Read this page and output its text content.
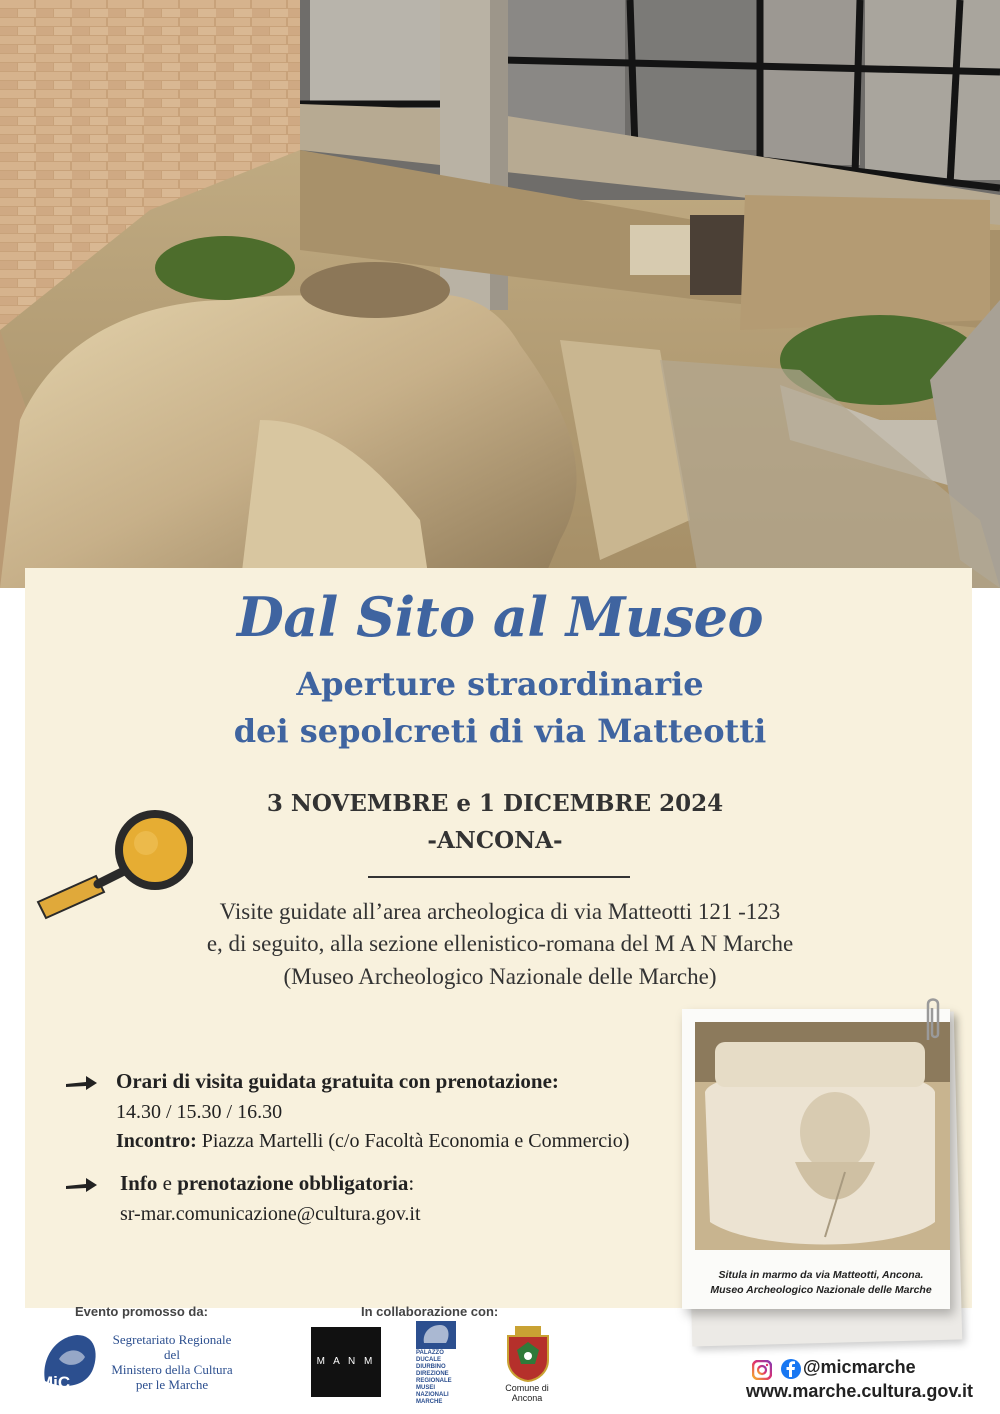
Dal Sito al Museo
Aperture straordinarie
dei sepolcreti di via Matteotti
3 NOVEMBRE e 1 DICEMBRE 2024
-ANCONA-
Visite guidate all’area archeologica di via Matteotti 121 -123
e, di seguito, alla sezione ellenistico-romana del M A N Marche
(Museo Archeologico Nazionale delle Marche)
Orari di visita guidata gratuita con prenotazione:
14.30 / 15.30 / 16.30
Incontro: Piazza Martelli (c/o Facoltà Economia e Commercio)
Info e prenotazione obbligatoria:
sr-mar.comunicazione@cultura.gov.it
Situla in marmo da via Matteotti, Ancona.
Museo Archeologico Nazionale delle Marche
Evento promosso da:	In collaborazione con:
MiC
Segretariato Regionale
del
Ministero della Cultura
per le Marche
M A N M
PALAZZO
DUCALE
DIURBINO
DIREZIONE
REGIONALE
MUSEI
NAZIONALI
MARCHE
Comune di
Ancona
@micmarche
www.marche.cultura.gov.it
